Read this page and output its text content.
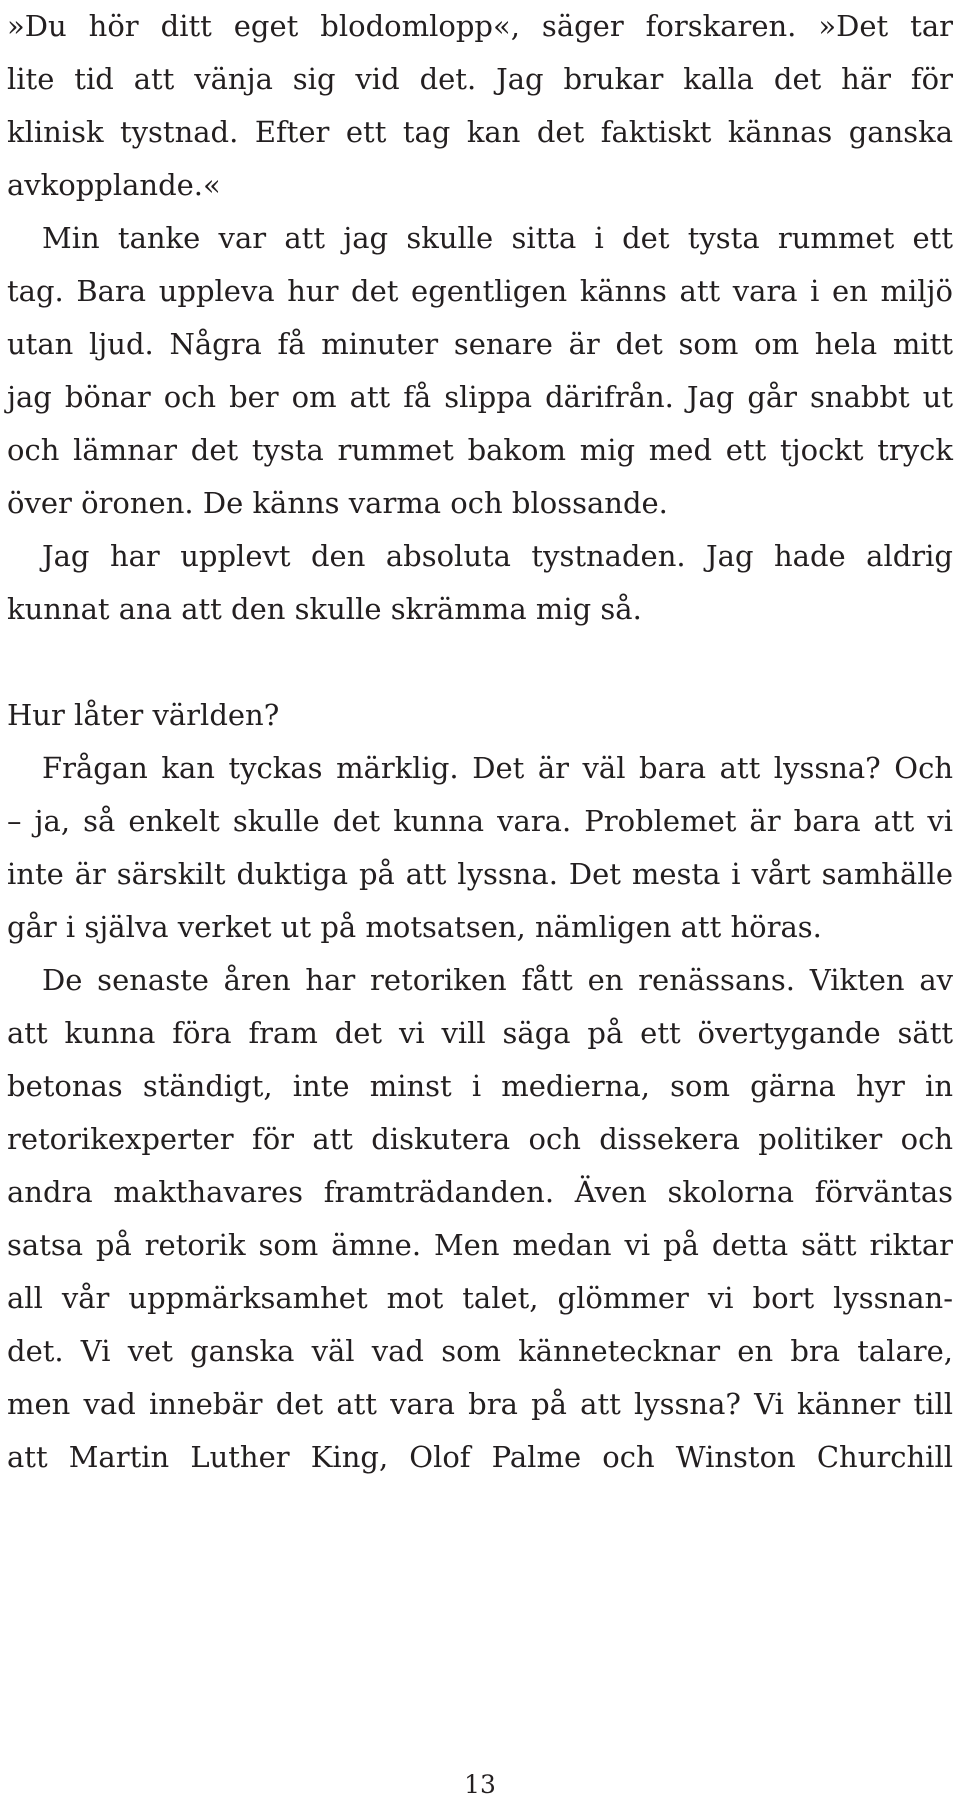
»Du hör ditt eget blodomlopp«, säger forskaren. »Det tar
lite tid att vänja sig vid det. Jag brukar kalla det här för
klinisk tystnad. Efter ett tag kan det faktiskt kännas ganska
avkopplande.«
Min tanke var att jag skulle sitta i det tysta rummet ett
tag. Bara uppleva hur det egentligen känns att vara i en miljö
utan ljud. Några få minuter senare är det som om hela mitt
jag bönar och ber om att få slippa därifrån. Jag går snabbt ut
och lämnar det tysta rummet bakom mig med ett tjockt tryck
över öronen. De känns varma och blossande.
Jag har upplevt den absoluta tystnaden. Jag hade aldrig
kunnat ana att den skulle skrämma mig så.
Hur låter världen?
Frågan kan tyckas märklig. Det är väl bara att lyssna? Och
– ja, så enkelt skulle det kunna vara. Problemet är bara att vi
inte är särskilt duktiga på att lyssna. Det mesta i vårt samhälle
går i själva verket ut på motsatsen, nämligen att höras.
De senaste åren har retoriken fått en renässans. Vikten av
att kunna föra fram det vi vill säga på ett övertygande sätt
betonas ständigt, inte minst i medierna, som gärna hyr in
retorikexperter för att diskutera och dissekera politiker och
andra makthavares framträdanden. Även skolorna förväntas
satsa på retorik som ämne. Men medan vi på detta sätt riktar
all vår uppmärksamhet mot talet, glömmer vi bort lyssnan-
det. Vi vet ganska väl vad som kännetecknar en bra talare,
men vad innebär det att vara bra på att lyssna? Vi känner till
att Martin Luther King, Olof Palme och Winston Churchill
13
